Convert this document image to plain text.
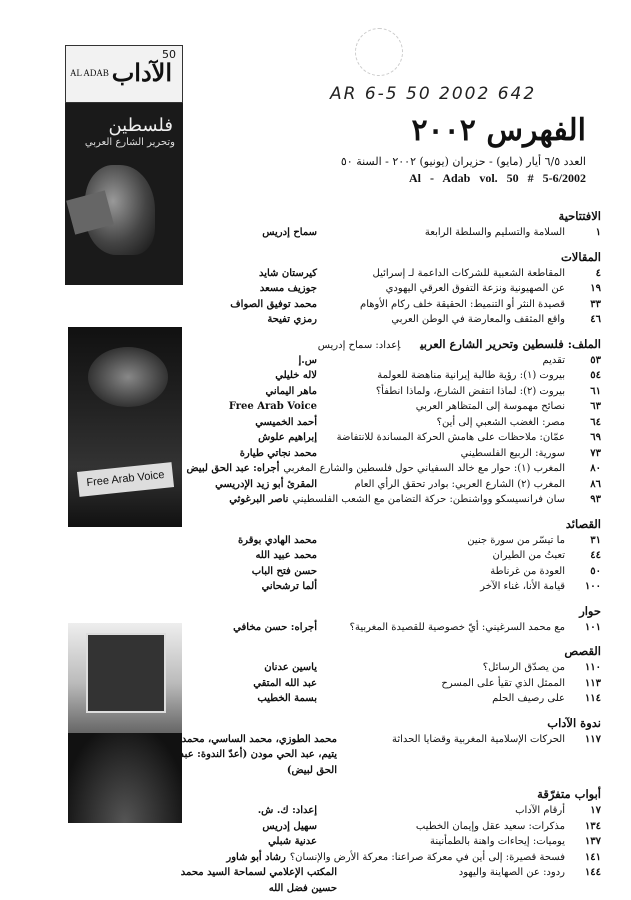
50
الآداب
AL ADAB
فلسطين
وتحرير الشارع العربي
Free Arab Voice
AR 6-5 50 2002 642
الفهرس ٢٠٠٢
العدد ٦/٥ أيار (مايو) - حزيران (يونيو) ٢٠٠٢ - السنة ٥٠
Al - Adab vol. 50 # 5-6/2002
الافتتاحية
١
السلامة والتسليم والسلطة الرابعة
سماح إدريس
المقالات
٤
المقاطعة الشعبية للشركات الداعمة لـ إسرائيل
كيرستان شايد
١٩
عن الصهيونية ونزعة التفوق العرقي اليهودي
جوزيف مسعد
٣٣
قصيدة النثر أو التنميط: الحقيقة خلف ركام الأوهام
محمد توفيق الصواف
٤٦
واقع المثقف والمعارضة في الوطن العربي
رمزي تفيحة
الملف: فلسطين وتحرير الشارع العربيإعداد: سماح إدريس
٥٣
تقديم
س.إ
٥٤
بيروت (١): رؤية طالبة إيرانية مناهضة للعولمة
لاله خليلي
٦١
بيروت (٢): لماذا انتفض الشارع، ولماذا انطفأ؟
ماهر اليماني
٦٣
نصائح مهموسة إلى المتظاهر العربي
Free Arab Voice
٦٤
مصر: الغضب الشعبي إلى أين؟
أحمد الخميسي
٦٩
عمّان: ملاحظات على هامش الحركة المساندة للانتفاضة
إبراهيم علوش
٧٣
سورية: الربيع الفلسطيني
محمد نجاتي طيارة
٨٠
المغرب (١): حوار مع خالد السفياني حول فلسطين والشارع المغربي
أجراه: عبد الحق لبيض
٨٦
المغرب (٢) الشارع العربي: بوادر تحقق الرأي العام
المقرئ أبو زيد الإدريسي
٩٣
سان فرانسيسكو وواشنطن: حركة التضامن مع الشعب الفلسطيني
ناصر البرغوثي
القصائد
٣١
ما تيسّر من سورة جنين
محمد الهادي بوقرة
٤٤
تعبتُ من الطيران
محمد عبيد الله
٥٠
العودة من غرناطة
حسن فتح الباب
١٠٠
قيامة الأنا، غناء الآخر
ألما ترشحاني
حوار
١٠١
مع محمد السرغيني: أيّ خصوصية للقصيدة المغربية؟
أجراه: حسن مخافي
القصص
١١٠
من يصدّق الرسائل؟
ياسين عدنان
١١٣
الممثل الذي تقيأ على المسرح
عبد الله المتقي
١١٤
على رصيف الحلم
بسمة الخطيب
ندوة الآداب
١١٧
الحركات الإسلامية المغربية وقضايا الحداثة
محمد الطوزي، محمد الساسي، محمد يتيم، عبد الحي مودن (أعدّ الندوة: عبد الحق لبيض)
أبواب متفرّقة
١٧
أرقام الآداب
إعداد: ك. ش.
١٣٤
مذكرات: سعيد عقل وإيمان الخطيب
سهيل إدريس
١٣٧
يوميات: إيحاءات واهنة بالطمأنينة
عدنية شبلي
١٤١
فسحة قصيرة: إلى أين في معركة صراعنا: معركة الأرض والإنسان؟
رشاد أبو شاور
١٤٤
ردود: عن الصهاينة واليهود
المكتب الإعلامي لسماحة السيد محمد حسين فضل الله
